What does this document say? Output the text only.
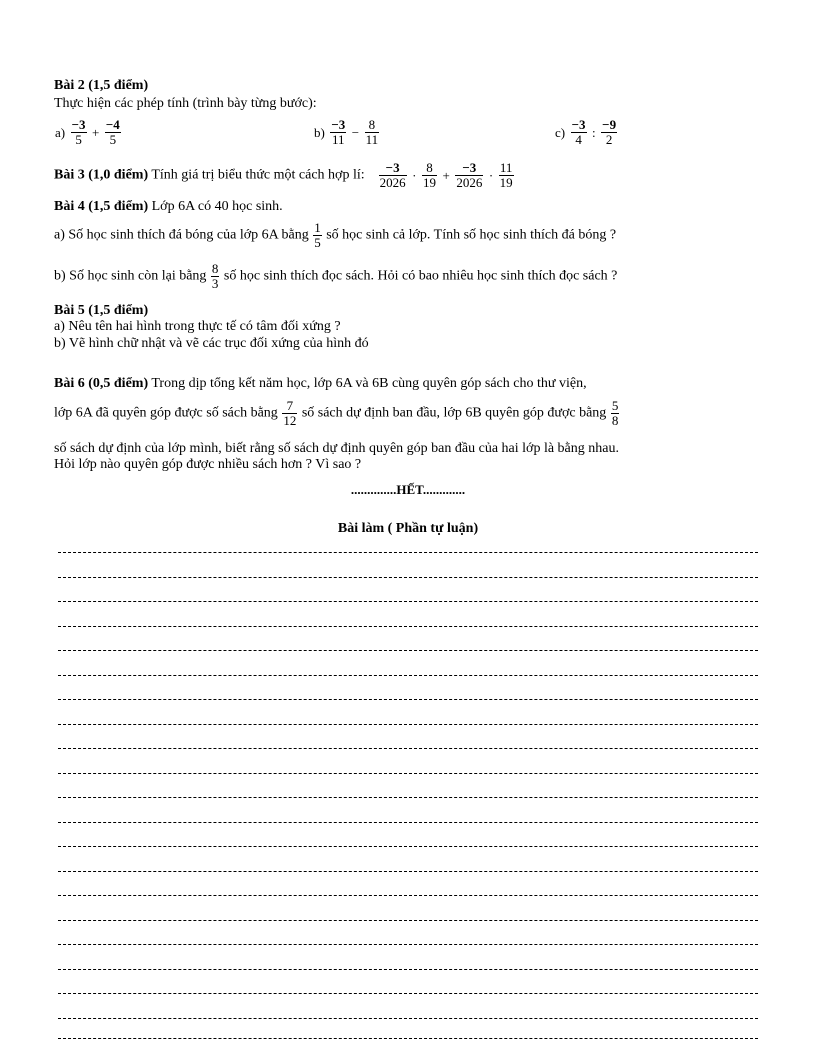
Bài 2 (1,5 điểm)
Thực hiện các phép tính (trình bày từng bước):
$a) \frac{-3}{5} + \frac{-4}{5}$	$b) \frac{-3}{11} - \frac{8}{11}$	$c) \frac{-3}{4}$ : $\frac{-9}{2}$
Bài 3 (1,0 điểm) Tính giá trị biểu thức một cách hợp lí: $\frac{-3}{2026} \cdot \frac{8}{19} + \frac{-3}{2026} \cdot \frac{11}{19}$
Bài 4 (1,5 điểm) Lớp 6A có 40 học sinh.
a) Số học sinh thích đá bóng của lớp 6A bằng $\frac{1}{5}$ số học sinh cả lớp. Tính số học sinh thích đá bóng ?
b) Số học sinh còn lại bằng $\frac{8}{3}$ số học sinh thích đọc sách. Hỏi có bao nhiêu học sinh thích đọc sách ?
Bài 5 (1,5 điểm)
a) Nêu tên hai hình trong thực tế có tâm đối xứng ?
b) Vẽ hình chữ nhật và vẽ các trục đối xứng của hình đó
Bài 6 (0,5 điểm) Trong dịp tổng kết năm học, lớp 6A và 6B cùng quyên góp sách cho thư viện,
lớp 6A đã quyên góp được số sách bằng $\frac{7}{12}$ số sách dự định ban đầu, lớp 6B quyên góp được bằng $\frac{5}{8}$
số sách dự định của lớp mình, biết rằng số sách dự định quyên góp ban đầu của hai lớp là bằng nhau.
Hỏi lớp nào quyên góp được nhiều sách hơn ? Vì sao ?
..............HẾT.............
Bài làm ( Phần tự luận)
